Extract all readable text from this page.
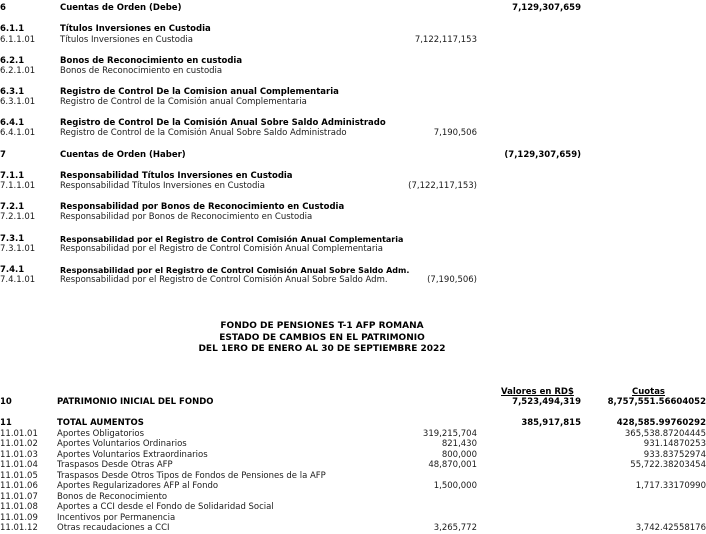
6	Cuentas de Orden (Debe)	7,129,307,659
6.1.1	Títulos Inversiones en Custodia
6.1.1.01	Títulos Inversiones en Custodia	7,122,117,153
6.2.1	Bonos de Reconocimiento en custodia
6.2.1.01	Bonos de Reconocimiento en custodia
6.3.1	Registro de Control De la Comision anual Complementaria
6.3.1.01	Registro de Control de la Comisión anual Complementaria
6.4.1	Registro de Control De la Comisión Anual Sobre Saldo Administrado
6.4.1.01	Registro de Control de la Comisión Anual Sobre Saldo Administrado	7,190,506
7	Cuentas de Orden (Haber)	(7,129,307,659)
7.1.1	Responsabilidad Títulos Inversiones en Custodia
7.1.1.01	Responsabilidad Títulos Inversiones en Custodia	(7,122,117,153)
7.2.1	Responsabilidad por Bonos de Reconocimiento en Custodia
7.2.1.01	Responsabilidad por Bonos de Reconocimiento en Custodia
7.3.1	Responsabilidad por el Registro de Control Comisión Anual Complementaria
7.3.1.01	Responsabilidad por el Registro de Control Comisión Anual Complementaria
7.4.1	Responsabilidad por el Registro de Control Comisión Anual Sobre Saldo Adm.
7.4.1.01	Responsabilidad por el Registro de Control Comisión Anual Sobre Saldo Adm.	(7,190,506)
FONDO DE PENSIONES T-1 AFP ROMANA
ESTADO DE CAMBIOS EN EL PATRIMONIO
DEL 1ERO DE ENERO AL 30 DE SEPTIEMBRE 2022
Valores en RD$	Cuotas
10	PATRIMONIO INICIAL DEL FONDO	7,523,494,319	8,757,551.56604052
11	TOTAL AUMENTOS	385,917,815	428,585.99760292
11.01.01 Aportes Obligatorios	319,215,704	365,538.87204445
11.01.02 Aportes Voluntarios Ordinarios	821,430	931.14870253
11.01.03 Aportes Voluntarios Extraordinarios	800,000	933.83752974
11.01.04 Traspasos Desde Otras AFP	48,870,001	55,722.38203454
11.01.05 Traspasos Desde Otros Tipos de Fondos de Pensiones de la AFP
11.01.06 Aportes Regularizadores AFP al Fondo	1,500,000	1,717.33170990
11.01.07 Bonos de Reconocimiento
11.01.08 Aportes a CCI desde el Fondo de Solidaridad Social
11.01.09 Incentivos por Permanencia
11.01.12 Otras recaudaciones a CCI	3,265,772	3,742.42558176
